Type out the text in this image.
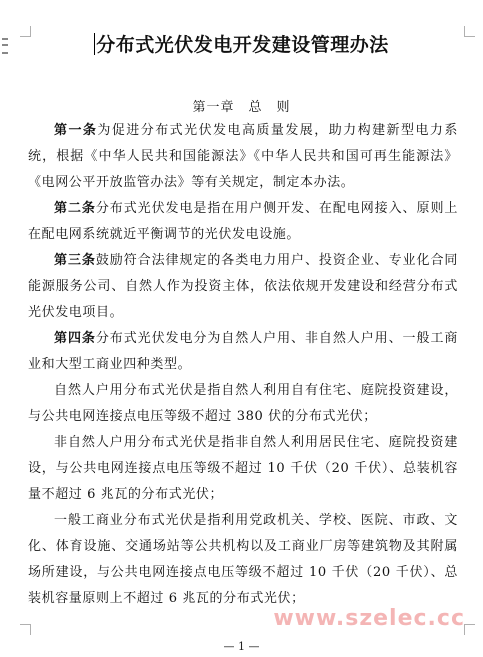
分布式光伏发电开发建设管理办法
第一章　总　则

第一条为促进分布式光伏发电高质量发展，助力构建新型电力系统，根据《中华人民共和国能源法》《中华人民共和国可再生能源法》《电网公平开放监管办法》等有关规定，制定本办法。

第二条分布式光伏发电是指在用户侧开发、在配电网接入、原则上在配电网系统就近平衡调节的光伏发电设施。

第三条鼓励符合法律规定的各类电力用户、投资企业、专业化合同能源服务公司、自然人作为投资主体，依法依规开发建设和经营分布式光伏发电项目。

第四条分布式光伏发电分为自然人户用、非自然人户用、一般工商业和大型工商业四种类型。

自然人户用分布式光伏是指自然人利用自有住宅、庭院投资建设，与公共电网连接点电压等级不超过 380 伏的分布式光伏；

非自然人户用分布式光伏是指非自然人利用居民住宅、庭院投资建设，与公共电网连接点电压等级不超过 10 千伏（20 千伏）、总装机容量不超过 6 兆瓦的分布式光伏；

一般工商业分布式光伏是指利用党政机关、学校、医院、市政、文化、体育设施、交通场站等公共机构以及工商业厂房等建筑物及其附属场所建设，与公共电网连接点电压等级不超过 10 千伏（20 千伏）、总装机容量原则上不超过 6 兆瓦的分布式光伏；

www.szelec.cc
— 1 —
